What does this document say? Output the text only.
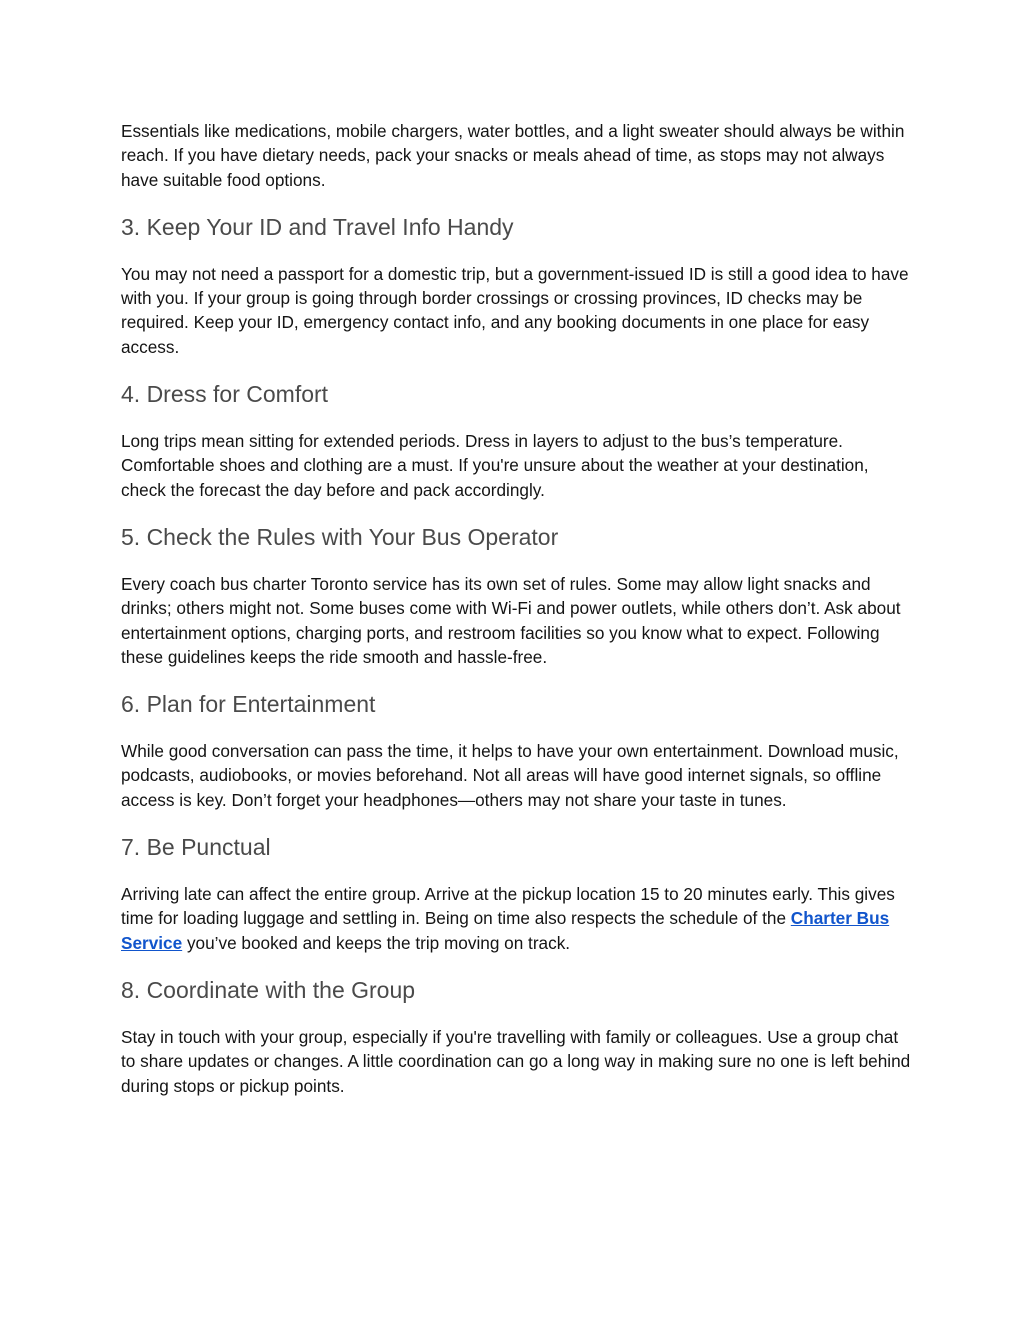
Essentials like medications, mobile chargers, water bottles, and a light sweater should always be within reach. If you have dietary needs, pack your snacks or meals ahead of time, as stops may not always have suitable food options.

3. Keep Your ID and Travel Info Handy

You may not need a passport for a domestic trip, but a government-issued ID is still a good idea to have with you. If your group is going through border crossings or crossing provinces, ID checks may be required. Keep your ID, emergency contact info, and any booking documents in one place for easy access.

4. Dress for Comfort

Long trips mean sitting for extended periods. Dress in layers to adjust to the bus’s temperature. Comfortable shoes and clothing are a must. If you're unsure about the weather at your destination, check the forecast the day before and pack accordingly.

5. Check the Rules with Your Bus Operator

Every coach bus charter Toronto service has its own set of rules. Some may allow light snacks and drinks; others might not. Some buses come with Wi-Fi and power outlets, while others don’t. Ask about entertainment options, charging ports, and restroom facilities so you know what to expect. Following these guidelines keeps the ride smooth and hassle-free.

6. Plan for Entertainment

While good conversation can pass the time, it helps to have your own entertainment. Download music, podcasts, audiobooks, or movies beforehand. Not all areas will have good internet signals, so offline access is key. Don’t forget your headphones—others may not share your taste in tunes.

7. Be Punctual

Arriving late can affect the entire group. Arrive at the pickup location 15 to 20 minutes early. This gives time for loading luggage and settling in. Being on time also respects the schedule of the Charter Bus Service you’ve booked and keeps the trip moving on track.

8. Coordinate with the Group

Stay in touch with your group, especially if you're travelling with family or colleagues. Use a group chat to share updates or changes. A little coordination can go a long way in making sure no one is left behind during stops or pickup points.
